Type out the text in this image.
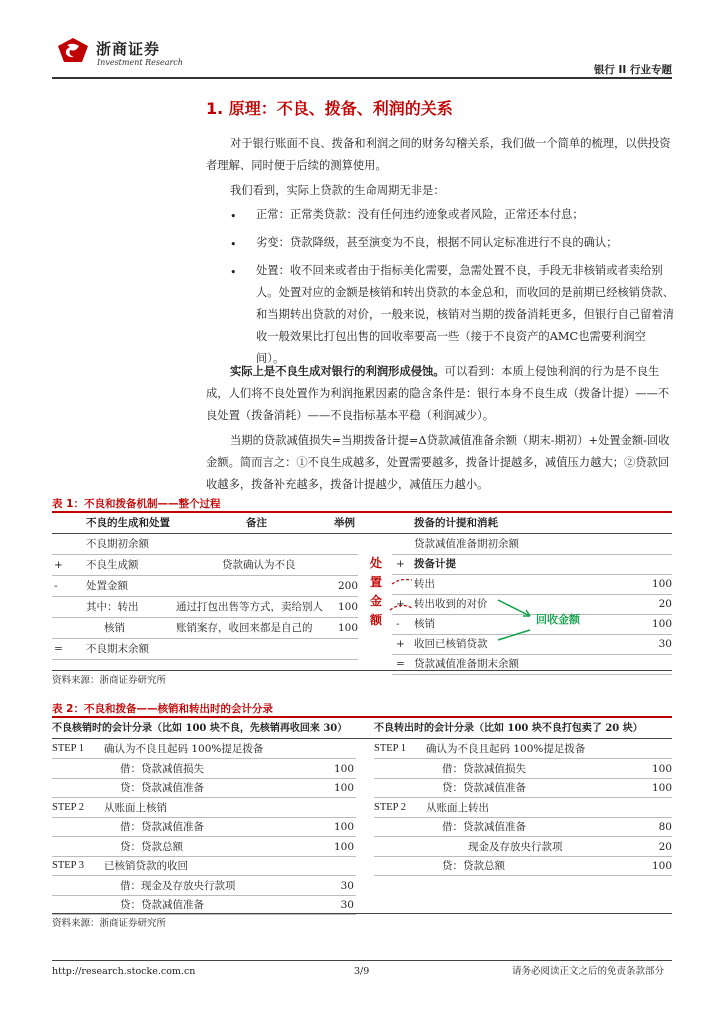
浙商证券
Investment Research
银行 II 行业专题
1. 原理：不良、拨备、利润的关系
对于银行账面不良、拨备和利润之间的财务勾稽关系，我们做一个简单的梳理，以供投资者理解、同时便于后续的测算使用。
我们看到，实际上贷款的生命周期无非是：
• 正常：正常类贷款：没有任何违约迹象或者风险，正常还本付息；
• 劣变：贷款降级，甚至演变为不良，根据不同认定标准进行不良的确认；
• 处置：收不回来或者由于指标美化需要，急需处置不良，手段无非核销或者卖给别人。处置对应的金额是核销和转出贷款的本金总和，而收回的是前期已经核销贷款、和当期转出贷款的对价，一般来说，核销对当期的拨备消耗更多，但银行自己留着清收一般效果比打包出售的回收率要高一些（接于不良资产的AMC也需要利润空间）。
实际上是不良生成对银行的利润形成侵蚀。可以看到：本质上侵蚀利润的行为是不良生成，人们将不良处置作为利润拖累因素的隐含条件是：银行本身不良生成（拨备计提）——不良处置（拨备消耗）——不良指标基本平稳（利润减少）。
当期的贷款减值损失=当期拨备计提=Δ贷款减值准备余额（期末-期初）+处置金额-回收金额。简而言之：①不良生成越多，处置需要越多，拨备计提越多，减值压力越大；②贷款回收越多，拨备补充越多，拨备计提越少，减值压力越小。
表 1：不良和拨备机制——整个过程
不良的生成和处置	备注	举例	拨备的计提和消耗
不良期初余额
+ 不良生成额	贷款确认为不良
-	处置金额	200
其中：转出	通过打包出售等方式，卖给别人 100
核销	账销案存，收回来都是自己的 100
= 不良期末余额
贷款减值准备期初余额
+ 拨备计提
转出	100
+ 转出收到的对价	20
- 核销	100
+ 收回已核销贷款	30
= 贷款减值准备期末余额
处
置
金
额	回收金额
资料来源：浙商证券研究所
表 2：不良和拨备——核销和转出时的会计分录
不良核销时的会计分录（比如 100 块不良，先核销再收回来 30）	不良转出时的会计分录（比如 100 块不良打包卖了 20 块）
STEP 1 确认为不良且起码 100%提足拨备
借：贷款减值损失	100
贷：贷款减值准备	100
STEP 2 从账面上核销
借：贷款减值准备	100
贷：贷款总额	100
STEP 3 已核销贷款的收回
借：现金及存放央行款项	30
贷：贷款减值准备	30
STEP 1 确认为不良且起码 100%提足拨备
借：贷款减值损失	100
贷：贷款减值准备	100
STEP 2 从账面上转出
借：贷款减值准备	80
现金及存放央行款项	20
贷：贷款总额	100
资料来源：浙商证券研究所
http://research.stocke.com.cn	3/9	请务必阅读正文之后的免责条款部分
